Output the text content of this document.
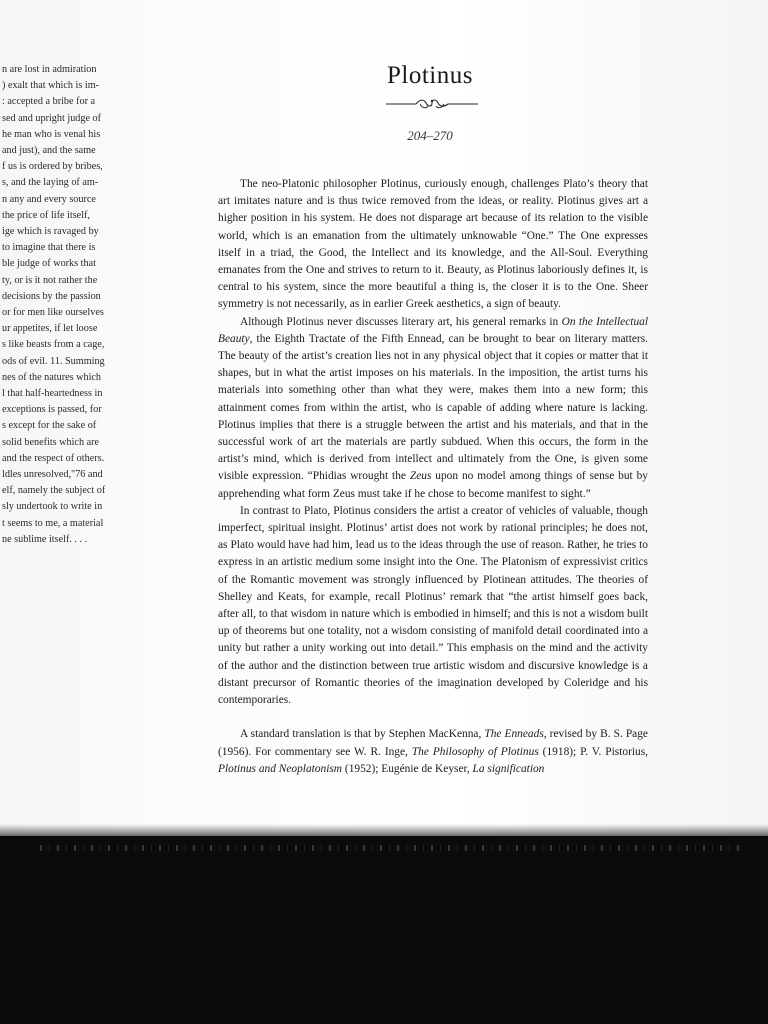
n are lost in admiration
) exalt that which is im-
: accepted a bribe for a
sed and upright judge of
he man who is venal his
and just), and the same
f us is ordered by bribes,
s, and the laying of am-
n any and every source
the price of life itself,
ige which is ravaged by
to imagine that there is
ble judge of works that
ty, or is it not rather the
decisions by the passion
or for men like ourselves
ur appetites, if let loose
s like beasts from a cage,
ods of evil. 11. Summing
nes of the natures which
l that half-heartedness in
exceptions is passed, for
s except for the sake of
solid benefits which are
and the respect of others.
ldles unresolved,"76 and
elf, namely the subject of
sly undertook to write in
t seems to me, a material
ne sublime itself. . . .
Plotinus
204–270

The neo-Platonic philosopher Plotinus, curiously enough, challenges Plato’s theory that art imitates nature and is thus twice removed from the ideas, or reality. Plotinus gives art a higher position in his system. He does not disparage art because of its relation to the visible world, which is an emanation from the ultimately unknowable “One.” The One expresses itself in a triad, the Good, the Intellect and its knowledge, and the All-Soul. Everything emanates from the One and strives to return to it. Beauty, as Plotinus laboriously defines it, is central to his system, since the more beautiful a thing is, the closer it is to the One. Sheer symmetry is not necessarily, as in earlier Greek aesthetics, a sign of beauty.

Although Plotinus never discusses literary art, his general remarks in On the Intellectual Beauty, the Eighth Tractate of the Fifth Ennead, can be brought to bear on literary matters. The beauty of the artist’s creation lies not in any physical object that it copies or matter that it shapes, but in what the artist imposes on his materials. In the imposition, the artist turns his materials into something other than what they were, makes them into a new form; this attainment comes from within the artist, who is capable of adding where nature is lacking. Plotinus implies that there is a struggle between the artist and his materials, and that in the successful work of art the materials are partly subdued. When this occurs, the form in the artist’s mind, which is derived from intellect and ultimately from the One, is given some visible expression. “Phidias wrought the Zeus upon no model among things of sense but by apprehending what form Zeus must take if he chose to become manifest to sight.”

In contrast to Plato, Plotinus considers the artist a creator of vehicles of valuable, though imperfect, spiritual insight. Plotinus’ artist does not work by rational principles; he does not, as Plato would have had him, lead us to the ideas through the use of reason. Rather, he tries to express in an artistic medium some insight into the One. The Platonism of expressivist critics of the Romantic movement was strongly influenced by Plotinean attitudes. The theories of Shelley and Keats, for example, recall Plotinus’ remark that “the artist himself goes back, after all, to that wisdom in nature which is embodied in himself; and this is not a wisdom built up of theorems but one totality, not a wisdom consisting of manifold detail coordinated into a unity but rather a unity working out into detail.” This emphasis on the mind and the activity of the author and the distinction between true artistic wisdom and discursive knowledge is a distant precursor of Romantic theories of the imagination developed by Coleridge and his contemporaries.

A standard translation is that by Stephen MacKenna, The Enneads, revised by B. S. Page (1956). For commentary see W. R. Inge, The Philosophy of Plotinus (1918); P. V. Pistorius, Plotinus and Neoplatonism (1952); Eugénie de Keyser, La signification
